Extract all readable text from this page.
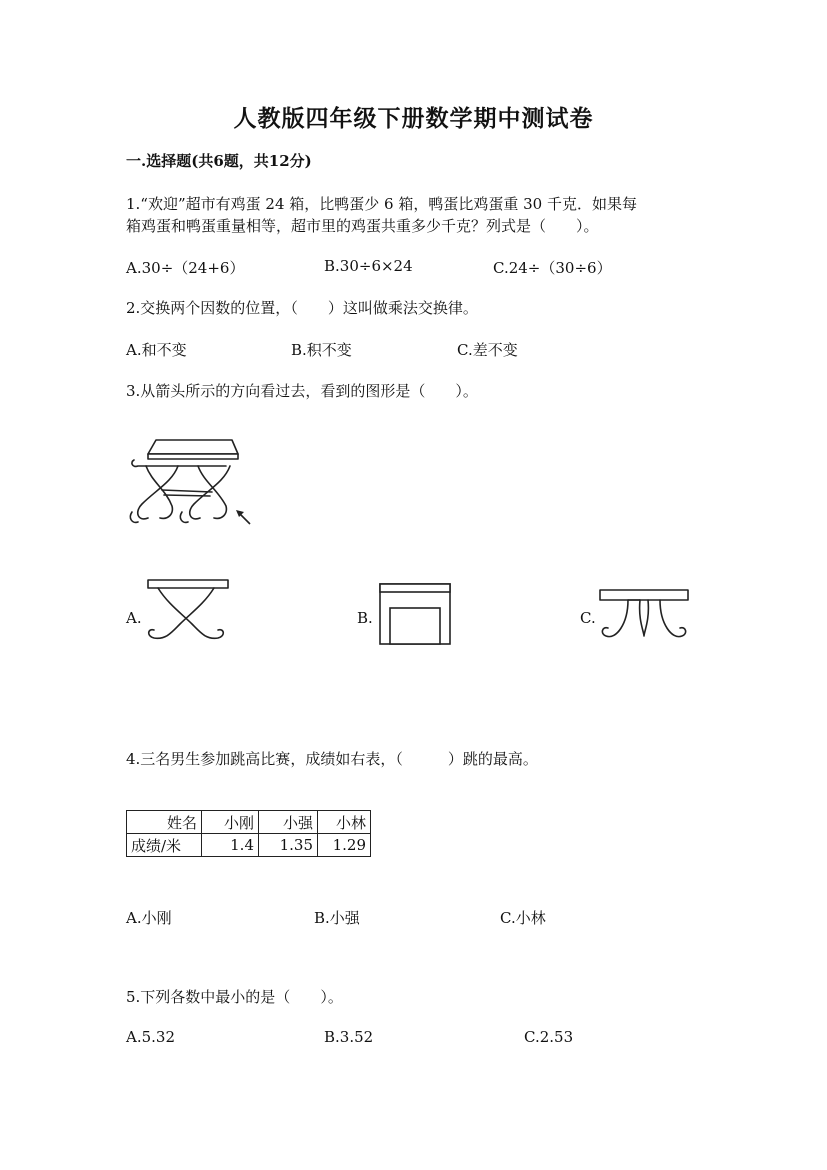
人教版四年级下册数学期中测试卷
一.选择题(共6题，共12分)
1.“欢迎”超市有鸡蛋 24 箱，比鸭蛋少 6 箱，鸭蛋比鸡蛋重 30 千克．如果每
箱鸡蛋和鸭蛋重量相等，超市里的鸡蛋共重多少千克？列式是（　　）。
A.30÷（24+6）	B.30÷6×24	C.24÷（30÷6）
2.交换两个因数的位置，（　　）这叫做乘法交换律。
A.和不变	B.积不变	C.差不变
3.从箭头所示的方向看过去，看到的图形是（　　）。
A.	B.	C.
4.三名男生参加跳高比赛，成绩如右表，（　　　）跳的最高。
姓名	小刚	小强	小林
成绩/米	1.4	1.35	1.29
A.小刚	B.小强	C.小林
5.下列各数中最小的是（　　）。
A.5.32	B.3.52	C.2.53
